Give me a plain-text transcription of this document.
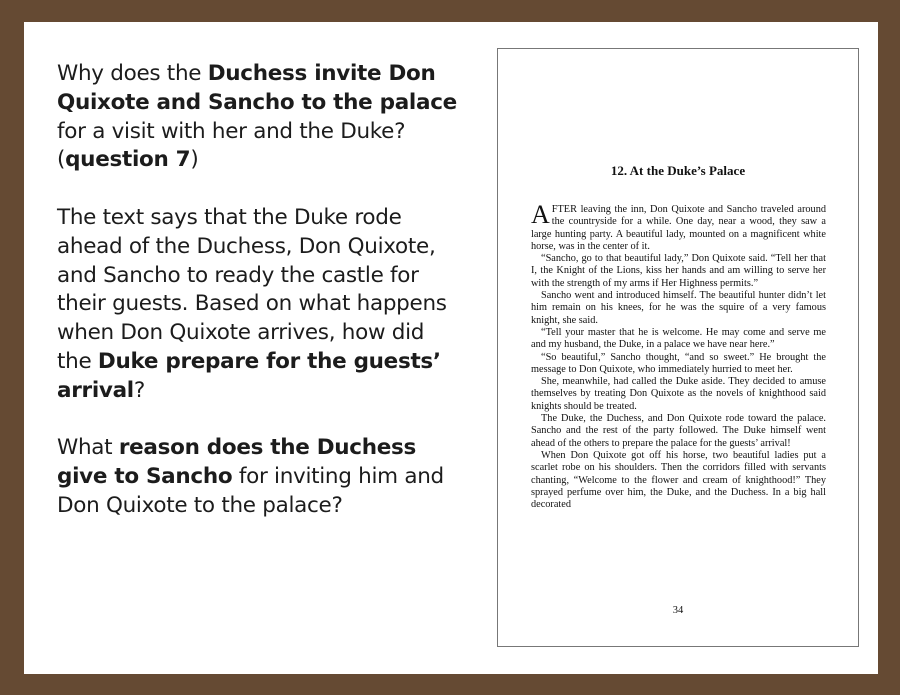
Why does the Duchess invite Don Quixote and Sancho to the palace for a visit with her and the Duke? (question 7)

The text says that the Duke rode ahead of the Duchess, Don Quixote, and Sancho to ready the castle for their guests. Based on what happens when Don Quixote arrives, how did the Duke prepare for the guests’ arrival?

What reason does the Duchess give to Sancho for inviting him and Don Quixote to the palace?

12. At the Duke’s Palace

AFTER leaving the inn, Don Quixote and Sancho traveled around the countryside for a while. One day, near a wood, they saw a large hunting party. A beautiful lady, mounted on a magnificent white horse, was in the center of it.

“Sancho, go to that beautiful lady,” Don Quixote said. “Tell her that I, the Knight of the Lions, kiss her hands and am willing to serve her with the strength of my arms if Her Highness permits.”

Sancho went and introduced himself. The beautiful hunter didn’t let him remain on his knees, for he was the squire of a very famous knight, she said.

“Tell your master that he is welcome. He may come and serve me and my husband, the Duke, in a palace we have near here.”

“So beautiful,” Sancho thought, “and so sweet.” He brought the message to Don Quixote, who immediately hurried to meet her.

She, meanwhile, had called the Duke aside. They decided to amuse themselves by treating Don Quixote as the novels of knighthood said knights should be treated.

The Duke, the Duchess, and Don Quixote rode toward the palace. Sancho and the rest of the party followed. The Duke himself went ahead of the others to prepare the palace for the guests’ arrival!

When Don Quixote got off his horse, two beautiful ladies put a scarlet robe on his shoulders. Then the corridors filled with servants chanting, “Welcome to the flower and cream of knighthood!” They sprayed perfume over him, the Duke, and the Duchess. In a big hall decorated

34
